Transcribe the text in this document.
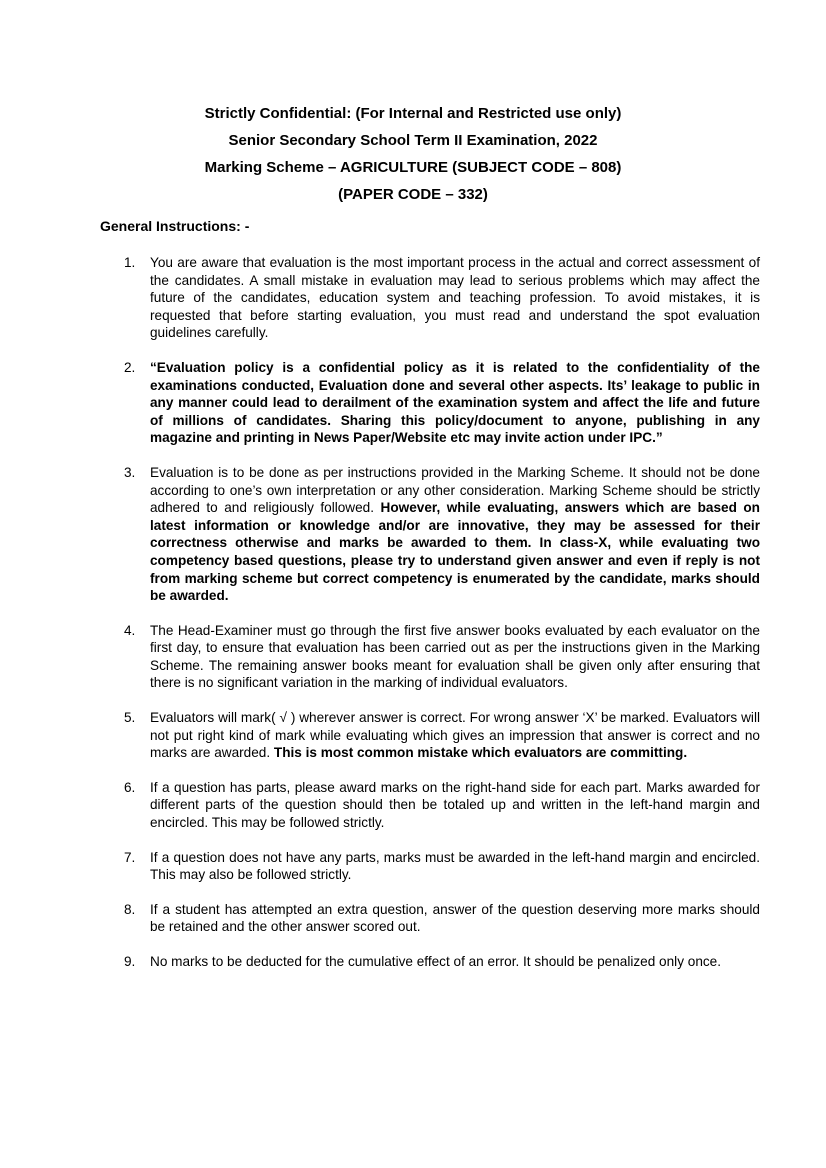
Strictly Confidential: (For Internal and Restricted use only)

Senior Secondary School Term II Examination, 2022

Marking Scheme – AGRICULTURE (SUBJECT CODE – 808)

(PAPER CODE – 332)

General Instructions: -

1. You are aware that evaluation is the most important process in the actual and correct assessment of the candidates. A small mistake in evaluation may lead to serious problems which may affect the future of the candidates, education system and teaching profession. To avoid mistakes, it is requested that before starting evaluation, you must read and understand the spot evaluation guidelines carefully.
2. “Evaluation policy is a confidential policy as it is related to the confidentiality of the examinations conducted, Evaluation done and several other aspects. Its’ leakage to public in any manner could lead to derailment of the examination system and affect the life and future of millions of candidates. Sharing this policy/document to anyone, publishing in any magazine and printing in News Paper/Website etc may invite action under IPC.”
3. Evaluation is to be done as per instructions provided in the Marking Scheme. It should not be done according to one’s own interpretation or any other consideration. Marking Scheme should be strictly adhered to and religiously followed. However, while evaluating, answers which are based on latest information or knowledge and/or are innovative, they may be assessed for their correctness otherwise and marks be awarded to them. In class-X, while evaluating two competency based questions, please try to understand given answer and even if reply is not from marking scheme but correct competency is enumerated by the candidate, marks should be awarded.
4. The Head-Examiner must go through the first five answer books evaluated by each evaluator on the first day, to ensure that evaluation has been carried out as per the instructions given in the Marking Scheme. The remaining answer books meant for evaluation shall be given only after ensuring that there is no significant variation in the marking of individual evaluators.
5. Evaluators will mark( √ ) wherever answer is correct. For wrong answer ‘X’ be marked. Evaluators will not put right kind of mark while evaluating which gives an impression that answer is correct and no marks are awarded. This is most common mistake which evaluators are committing.
6. If a question has parts, please award marks on the right-hand side for each part. Marks awarded for different parts of the question should then be totaled up and written in the left-hand margin and encircled. This may be followed strictly.
7. If a question does not have any parts, marks must be awarded in the left-hand margin and encircled. This may also be followed strictly.
8. If a student has attempted an extra question, answer of the question deserving more marks should be retained and the other answer scored out.
9. No marks to be deducted for the cumulative effect of an error. It should be penalized only once.
